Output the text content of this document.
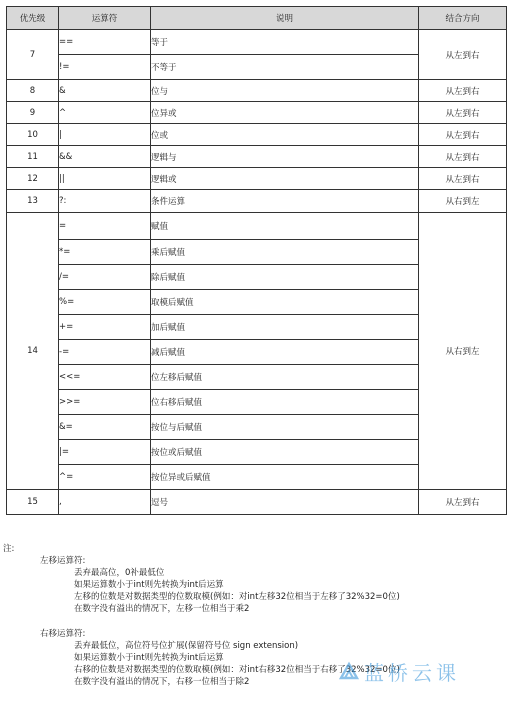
优先级	运算符	说明	结合方向
7	==	等于	从左到右
	!=	不等于	
8	&	位与	从左到右
9	^	位异或	从左到右
10	|	位或	从左到右
11	&&	逻辑与	从左到右
12	||	逻辑或	从左到右
13	?:	条件运算	从右到左
14	=	赋值	从右到左
	*=	乘后赋值	
	/=	除后赋值	
	%=	取模后赋值	
	+=	加后赋值	
	-=	减后赋值	
	<<=	位左移后赋值	
	>>=	位右移后赋值	
	&=	按位与后赋值	
	|=	按位或后赋值	
	^=	按位异或后赋值	
15	,	逗号	从左到右
注:
左移运算符:
丢弃最高位，0补最低位
如果运算数小于int则先转换为int后运算
左移的位数是对数据类型的位数取模(例如：对int左移32位相当于左移了32%32=0位)
在数字没有溢出的情况下，左移一位相当于乘2
右移运算符:
丢弃最低位，高位符号位扩展(保留符号位 sign extension)
如果运算数小于int则先转换为int后运算
右移的位数是对数据类型的位数取模(例如：对int右移32位相当于右移了32%32=0位)
在数字没有溢出的情况下，右移一位相当于除2	蓝桥云课
